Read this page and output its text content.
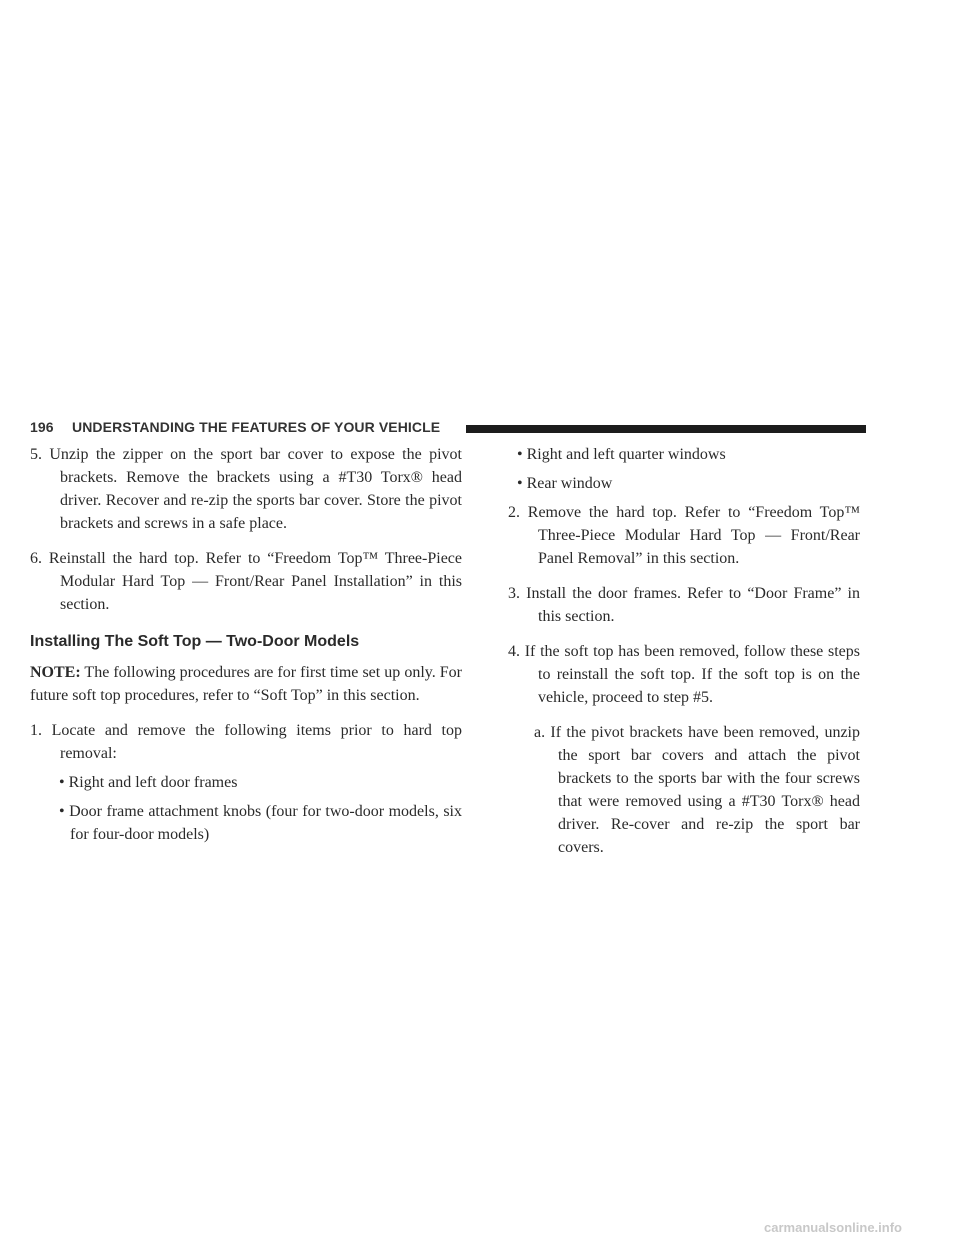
196 UNDERSTANDING THE FEATURES OF YOUR VEHICLE

5. Unzip the zipper on the sport bar cover to expose the pivot brackets. Remove the brackets using a #T30 Torx® head driver. Recover and re-zip the sports bar cover. Store the pivot brackets and screws in a safe place.

6. Reinstall the hard top. Refer to “Freedom Top™ Three-Piece Modular Hard Top — Front/Rear Panel Installation” in this section.

Installing The Soft Top — Two-Door Models

NOTE: The following procedures are for first time set up only. For future soft top procedures, refer to “Soft Top” in this section.

1. Locate and remove the following items prior to hard top removal:

• Right and left door frames

• Door frame attachment knobs (four for two-door models, six for four-door models)

• Right and left quarter windows

• Rear window

2. Remove the hard top. Refer to “Freedom Top™ Three-Piece Modular Hard Top — Front/Rear Panel Removal” in this section.

3. Install the door frames. Refer to “Door Frame” in this section.

4. If the soft top has been removed, follow these steps to reinstall the soft top. If the soft top is on the vehicle, proceed to step #5.

a. If the pivot brackets have been removed, unzip the sport bar covers and attach the pivot brackets to the sports bar with the four screws that were removed using a #T30 Torx® head driver. Re-cover and re-zip the sport bar covers.

carmanualsonline.info
